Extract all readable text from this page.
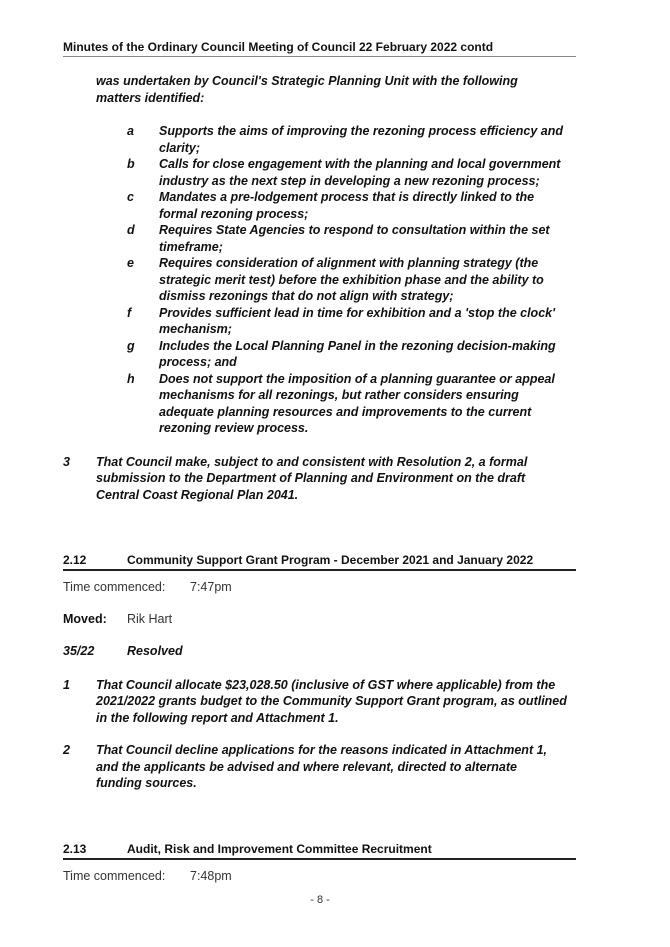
Minutes of the Ordinary Council Meeting of Council 22 February 2022 contd
was undertaken by Council's Strategic Planning Unit with the following matters identified:
a	Supports the aims of improving the rezoning process efficiency and clarity;
b	Calls for close engagement with the planning and local government industry as the next step in developing a new rezoning process;
c	Mandates a pre-lodgement process that is directly linked to the formal rezoning process;
d	Requires State Agencies to respond to consultation within the set timeframe;
e	Requires consideration of alignment with planning strategy (the strategic merit test) before the exhibition phase and the ability to dismiss rezonings that do not align with strategy;
f	Provides sufficient lead in time for exhibition and a 'stop the clock' mechanism;
g	Includes the Local Planning Panel in the rezoning decision-making process; and
h	Does not support the imposition of a planning guarantee or appeal mechanisms for all rezonings, but rather considers ensuring adequate planning resources and improvements to the current rezoning review process.
3	That Council make, subject to and consistent with Resolution 2, a formal submission to the Department of Planning and Environment on the draft Central Coast Regional Plan 2041.
2.12	Community Support Grant Program - December 2021 and January 2022
Time commenced:	7:47pm
Moved:	Rik Hart
35/22	Resolved
1	That Council allocate $23,028.50 (inclusive of GST where applicable) from the 2021/2022 grants budget to the Community Support Grant program, as outlined in the following report and Attachment 1.
2	That Council decline applications for the reasons indicated in Attachment 1, and the applicants be advised and where relevant, directed to alternate funding sources.
2.13	Audit, Risk and Improvement Committee Recruitment
Time commenced:	7:48pm
- 8 -
